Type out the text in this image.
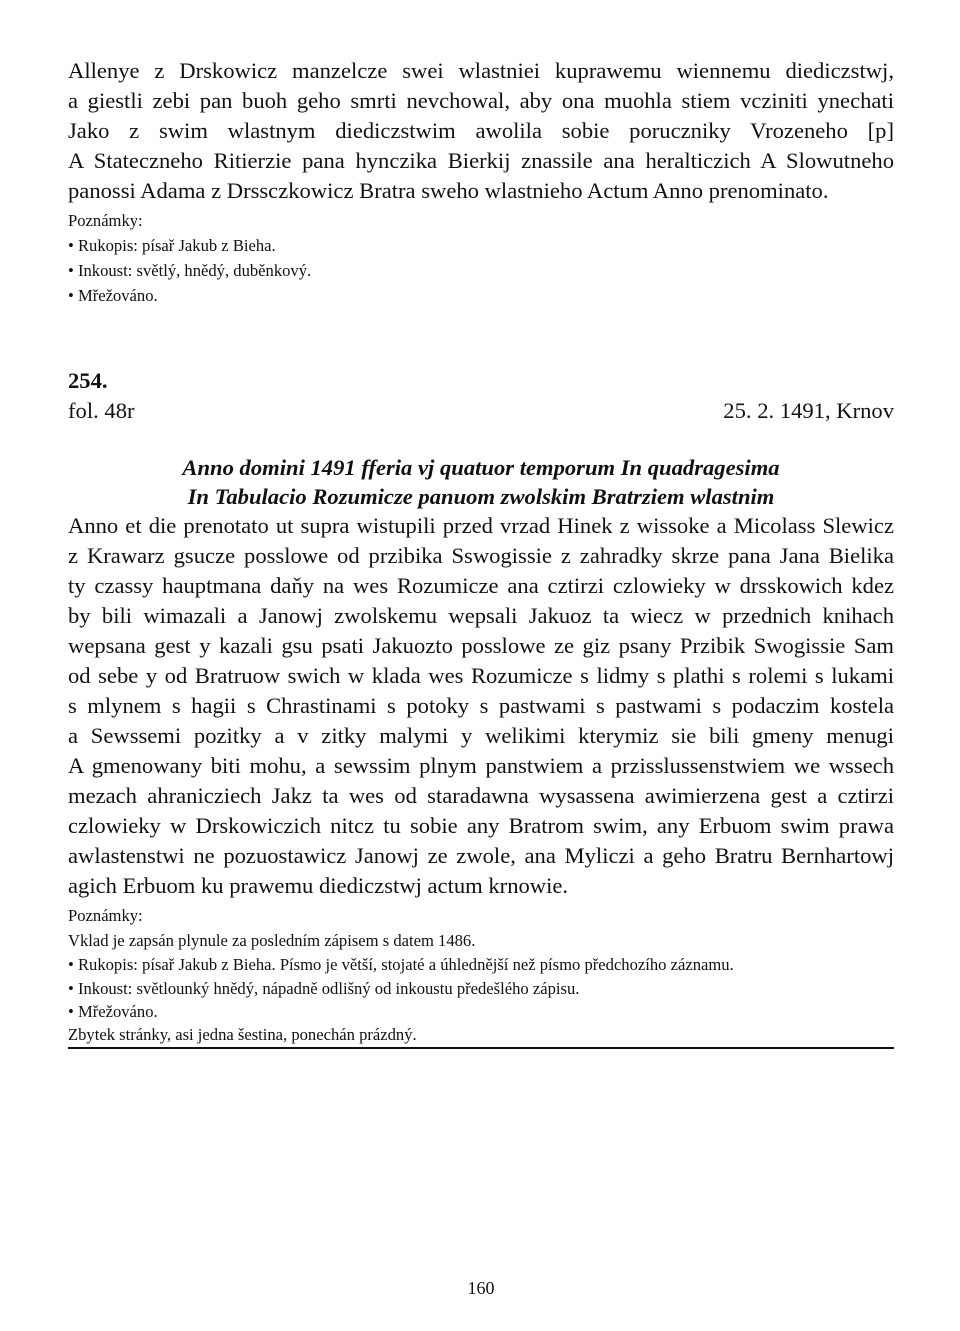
Allenye z Drskowicz manzelcze swei wlastniei kuprawemu wiennemu diediczstwj,
a giestli zebi pan buoh geho smrti nevchowal, aby ona muohla stiem vcziniti ynechati
Jako z swim wlastnym diediczstwim awolila sobie poruczniky Vrozeneho [p]
A Stateczneho Ritierzie pana hynczika Bierkij znassile ana heralticzich A Slowutneho
panossi Adama z Drssczkowicz Bratra sweho wlastnieho Actum Anno prenominato.
Poznámky:
• Rukopis: písař Jakub z Bieha.
• Inkoust: světlý, hnědý, duběnkový.
• Mřežováno.
254.
fol. 48r	25. 2. 1491, Krnov
Anno domini 1491 fferia vj quatuor temporum In quadragesima
In Tabulacio Rozumicze panuom zwolskim Bratrziem wlastnim
Anno et die prenotato ut supra wistupili przed vrzad Hinek z wissoke a Micolass Slewicz
z Krawarz gsucze posslowe od przibika Sswogissie z zahradky skrze pana Jana Bielika
ty czassy hauptmana daňy na wes Rozumicze ana cztirzi czlowieky w drsskowich kdez
by bili wimazali a Janowj zwolskemu wepsali Jakuoz ta wiecz w przednich knihach
wepsana gest y kazali gsu psati Jakuozto posslowe ze giz psany Przibik Swogissie Sam
od sebe y od Bratruow swich w klada wes Rozumicze s lidmy s plathi s rolemi s lukami
s mlynem s hagii s Chrastinami s potoky s pastwami s pastwami s podaczim kostela
a Sewssemi pozitky a v zitky malymi y welikimi kterymiz sie bili gmeny menugi
A gmenowany biti mohu, a sewssim plnym panstwiem a przisslussenstwiem we wssech
mezach ahranicziech Jakz ta wes od staradawna wysassena awimierzena gest a cztirzi
czlowieky w Drskowiczich nitcz tu sobie any Bratrom swim, any Erbuom swim prawa
awlastenstwi ne pozuostawicz Janowj ze zwole, ana Myliczi a geho Bratru Bernhartowj
agich Erbuom ku prawemu diediczstwj actum krnowie.
Poznámky:
Vklad je zapsán plynule za posledním zápisem s datem 1486.
• Rukopis: písař Jakub z Bieha. Písmo je větší, stojaté a úhlednější než písmo předchozího záznamu.
• Inkoust: světlounký hnědý, nápadně odlišný od inkoustu předešlého zápisu.
• Mřežováno.
Zbytek stránky, asi jedna šestina, ponechán prázdný.
160
